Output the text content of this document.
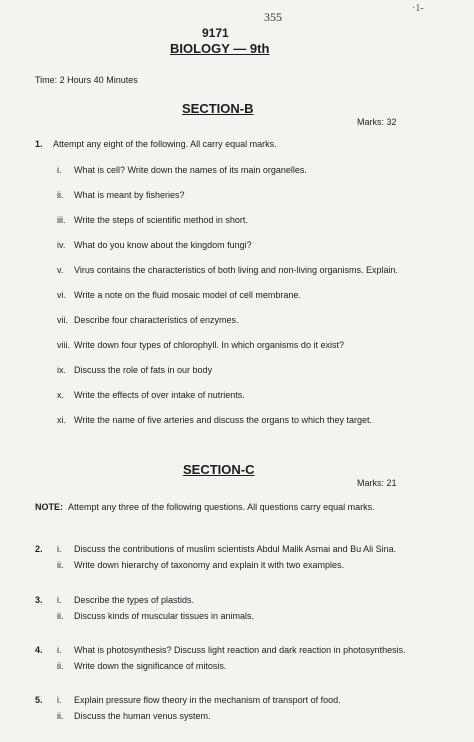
·1-
355
9171
BIOLOGY — 9th
Time: 2 Hours 40 Minutes
SECTION-B
Marks: 32
1. Attempt any eight of the following. All carry equal marks.
i. What is cell? Write down the names of its main organelles.
ii. What is meant by fisheries?
iii. Write the steps of scientific method in short.
iv. What do you know about the kingdom fungi?
v. Virus contains the characteristics of both living and non-living organisms. Explain.
vi. Write a note on the fluid mosaic model of cell membrane.
vii. Describe four characteristics of enzymes.
viii. Write down four types of chlorophyll. In which organisms do it exist?
ix. Discuss the role of fats in our body
x. Write the effects of over intake of nutrients.
xi. Write the name of five arteries and discuss the organs to which they target.
SECTION-C
Marks: 21
NOTE: Attempt any three of the following questions. All questions carry equal marks.
2. i. Discuss the contributions of muslim scientists Abdul Malik Asmai and Bu Ali Sina.
ii. Write down hierarchy of taxonomy and explain it with two examples.
3. i. Describe the types of plastids.
ii. Discuss kinds of muscular tissues in animals.
4. i. What is photosynthesis? Discuss light reaction and dark reaction in photosynthesis.
ii. Write down the significance of mitosis.
5. i. Explain pressure flow theory in the mechanism of transport of food.
ii. Discuss the human venus system.
